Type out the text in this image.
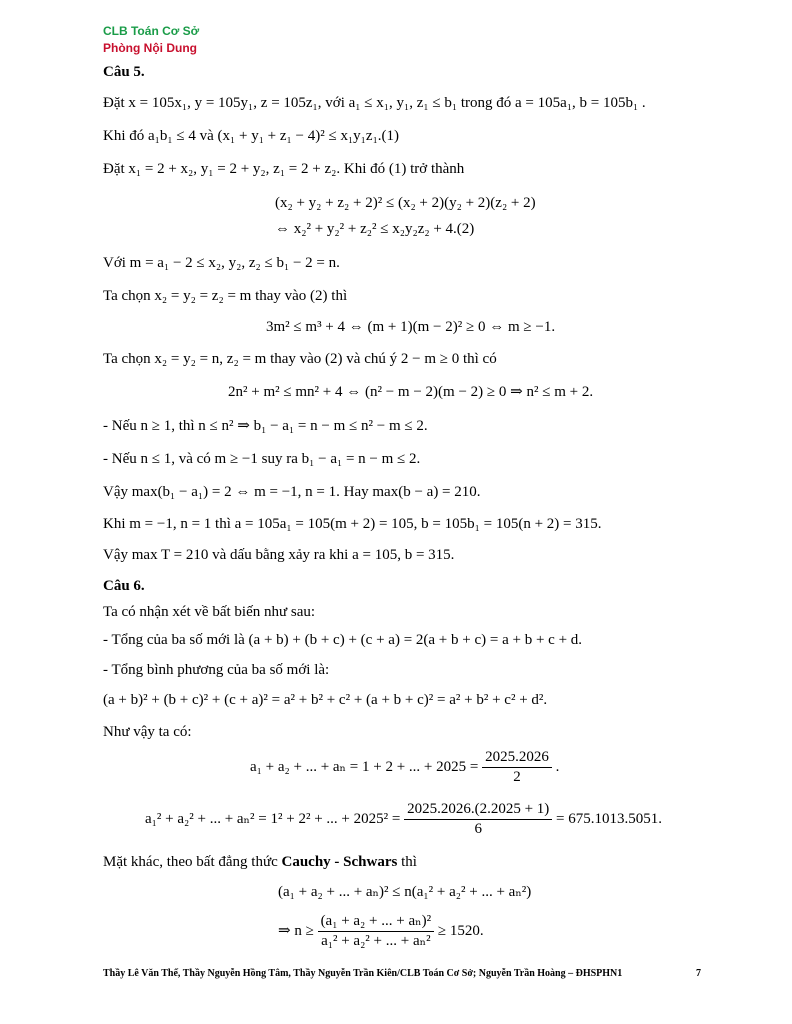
CLB Toán Cơ Sở
Phòng Nội Dung
Câu 5.
Đặt x = 105x₁, y = 105y₁, z = 105z₁, với a₁ ≤ x₁, y₁, z₁ ≤ b₁ trong đó a = 105a₁, b = 105b₁ .
Khi đó a₁b₁ ≤ 4 và (x₁ + y₁ + z₁ − 4)² ≤ x₁y₁z₁.(1)
Đặt x₁ = 2 + x₂, y₁ = 2 + y₂, z₁ = 2 + z₂. Khi đó (1) trở thành
(x₂ + y₂ + z₂ + 2)² ≤ (x₂ + 2)(y₂ + 2)(z₂ + 2)
⇔ x₂² + y₂² + z₂² ≤ x₂y₂z₂ + 4.(2)
Với m = a₁ − 2 ≤ x₂, y₂, z₂ ≤ b₁ − 2 = n.
Ta chọn x₂ = y₂ = z₂ = m thay vào (2) thì
3m² ≤ m³ + 4 ⇔ (m + 1)(m − 2)² ≥ 0 ⇔ m ≥ −1.
Ta chọn x₂ = y₂ = n, z₂ = m thay vào (2) và chú ý 2 − m ≥ 0 thì có
2n² + m² ≤ mn² + 4 ⇔ (n² − m − 2)(m − 2) ≥ 0 ⇒ n² ≤ m + 2.
- Nếu n ≥ 1, thì n ≤ n² ⇒ b₁ − a₁ = n − m ≤ n² − m ≤ 2.
- Nếu n ≤ 1, và có m ≥ −1 suy ra b₁ − a₁ = n − m ≤ 2.
Vậy max(b₁ − a₁) = 2 ⇔ m = −1, n = 1. Hay max(b − a) = 210.
Khi m = −1, n = 1 thì a = 105a₁ = 105(m + 2) = 105, b = 105b₁ = 105(n + 2) = 315.
Vậy max T = 210 và dấu bằng xảy ra khi a = 105, b = 315.
Câu 6.
Ta có nhận xét về bất biến như sau:
- Tổng của ba số mới là (a + b) + (b + c) + (c + a) = 2(a + b + c) = a + b + c + d.
- Tổng bình phương của ba số mới là:
(a + b)² + (b + c)² + (c + a)² = a² + b² + c² + (a + b + c)² = a² + b² + c² + d².
Như vậy ta có:
a₁ + a₂ + ... + aₙ = 1 + 2 + ... + $2025 = \frac{2025.2026}{2}$ .
a₁² + a₂² + ... + aₙ² = 1² + 2² + ... + $2025^2 = \frac{2025.2026.(2.2025 + 1)}{6} = 675.1013.5051$.
Mặt khác, theo bất đẳng thức Cauchy - Schwars thì
(a₁ + a₂ + ... + aₙ)² ≤ n(a₁² + a₂² + ... + aₙ²)
⇒ $n \ge \frac{\text{(a₁ + a₂ + ... + aₙ)²}}{\text{a₁² + a₂² + ... + aₙ²}} \ge 1520$.
Thầy Lê Văn Thế, Thầy Nguyễn Hồng Tâm, Thầy Nguyễn Trần Kiên/CLB Toán Cơ Sở; Nguyễn Trần Hoàng – ĐHSPHN1	7
